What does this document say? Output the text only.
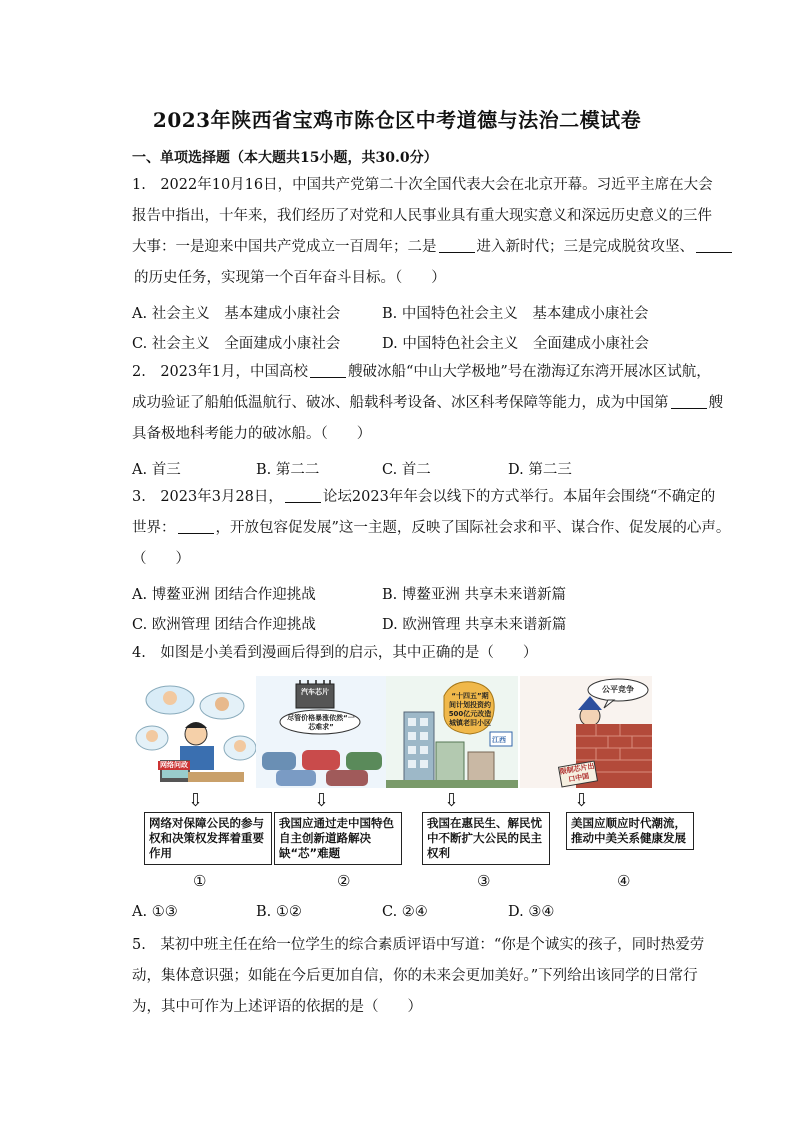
2023年陕西省宝鸡市陈仓区中考道德与法治二模试卷
一、单项选择题（本大题共15小题，共30.0分）
1.　2022年10月16日，中国共产党第二十次全国代表大会在北京开幕。习近平主席在大会
报告中指出，十年来，我们经历了对党和人民事业具有重大现实意义和深远历史意义的三件
大事：一是迎来中国共产党成立一百周年；二是	进入新时代；三是完成脱贫攻坚、
的历史任务，实现第一个百年奋斗目标。（　　）
A. 社会主义　基本建成小康社会	B. 中国特色社会主义　基本建成小康社会
C. 社会主义　全面建成小康社会	D. 中国特色社会主义　全面建成小康社会
2.　2023年1月，中国高校	艘破冰船“中山大学极地”号在渤海辽东湾开展冰区试航，
成功验证了船舶低温航行、破冰、船载科考设备、冰区科考保障等能力，成为中国第	艘
具备极地科考能力的破冰船。（　　）
A. 首三	B. 第二二	C. 首二	D. 第二三
3.　2023年3月28日，	论坛2023年年会以线下的方式举行。本届年会围绕“不确定的
世界：	，开放包容促发展”这一主题，反映了国际社会求和平、谋合作、促发展的心声。
（　　）
A. 博鳌亚洲 团结合作迎挑战	B. 博鳌亚洲 共享未来谱新篇
C. 欧洲管理 团结合作迎挑战	D. 欧洲管理 共享未来谱新篇
4.　如图是小美看到漫画后得到的启示，其中正确的是（　　）
网络问政
汽车芯片
尽管价格暴涨依然“一芯难求”
“十四五”期间计划投资约500亿元改造城镇老旧小区
江西
公平竞争
限制芯片出口中国
⇩	⇩	⇩	⇩
网络对保障公民的参与权和决策权发挥着重要作用
我国应通过走中国特色自主创新道路解决缺“芯”难题
我国在惠民生、解民忧中不断扩大公民的民主权利
美国应顺应时代潮流，推动中美关系健康发展
①	②	③	④
A. ①③	B. ①②	C. ②④	D. ③④
5.　某初中班主任在给一位学生的综合素质评语中写道：“你是个诚实的孩子，同时热爱劳
动，集体意识强；如能在今后更加自信，你的未来会更加美好。”下列给出该同学的日常行
为，其中可作为上述评语的依据的是（　　）
